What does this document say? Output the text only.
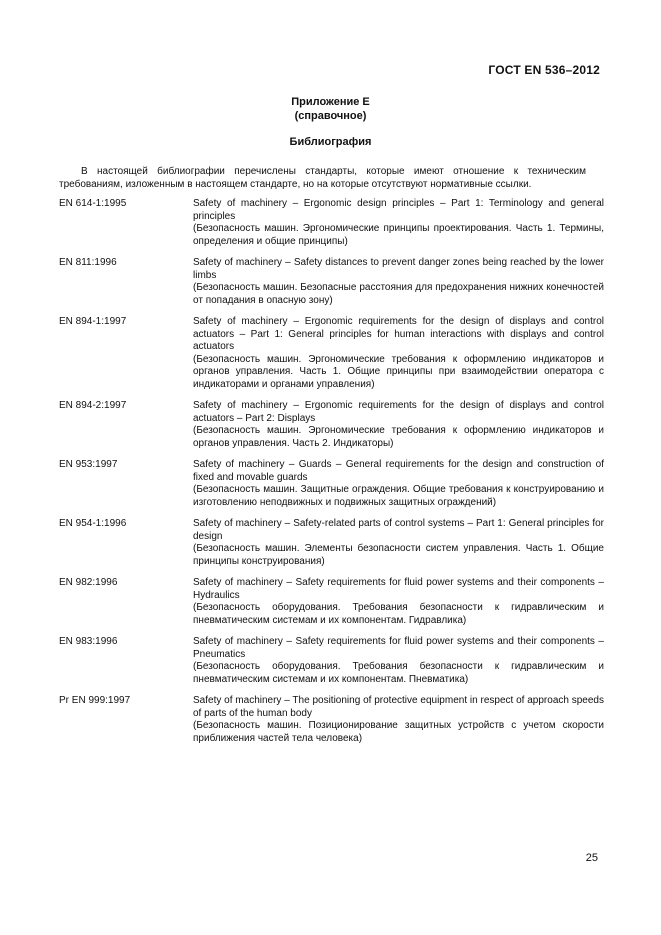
ГОСТ EN 536–2012
Приложение Е
(справочное)
Библиография

В настоящей библиографии перечислены стандарты, которые имеют отношение к техническим требованиям, изложенным в настоящем стандарте, но на которые отсутствуют нормативные ссылки.

EN 614-1:1995	Safety of machinery – Ergonomic design principles – Part 1: Terminology and general principles
(Безопасность машин. Эргономические принципы проектирования. Часть 1. Термины, определения и общие принципы)
EN 811:1996	Safety of machinery – Safety distances to prevent danger zones being reached by the lower limbs
(Безопасность машин. Безопасные расстояния для предохранения нижних конечностей от попадания в опасную зону)
EN 894-1:1997	Safety of machinery – Ergonomic requirements for the design of displays and control actuators – Part 1: General principles for human interactions with displays and control actuators
(Безопасность машин. Эргономические требования к оформлению индикаторов и органов управления. Часть 1. Общие принципы при взаимодействии оператора с индикаторами и органами управления)
EN 894-2:1997	Safety of machinery – Ergonomic requirements for the design of displays and control actuators – Part 2: Displays
(Безопасность машин. Эргономические требования к оформлению индикаторов и органов управления. Часть 2. Индикаторы)
EN 953:1997	Safety of machinery – Guards – General requirements for the design and construction of fixed and movable guards
(Безопасность машин. Защитные ограждения. Общие требования к конструированию и изготовлению неподвижных и подвижных защитных ограждений)
EN 954-1:1996	Safety of machinery – Safety-related parts of control systems – Part 1: General principles for design
(Безопасность машин. Элементы безопасности систем управления. Часть 1. Общие принципы конструирования)
EN 982:1996	Safety of machinery – Safety requirements for fluid power systems and their components – Hydraulics
(Безопасность оборудования. Требования безопасности к гидравлическим и пневматическим системам и их компонентам. Гидравлика)
EN 983:1996	Safety of machinery – Safety requirements for fluid power systems and their components – Pneumatics
(Безопасность оборудования. Требования безопасности к гидравлическим и пневматическим системам и их компонентам. Пневматика)
Pr EN 999:1997	Safety of machinery – The positioning of protective equipment in respect of approach speeds of parts of the human body
(Безопасность машин. Позиционирование защитных устройств с учетом скорости приближения частей тела человека)
25
